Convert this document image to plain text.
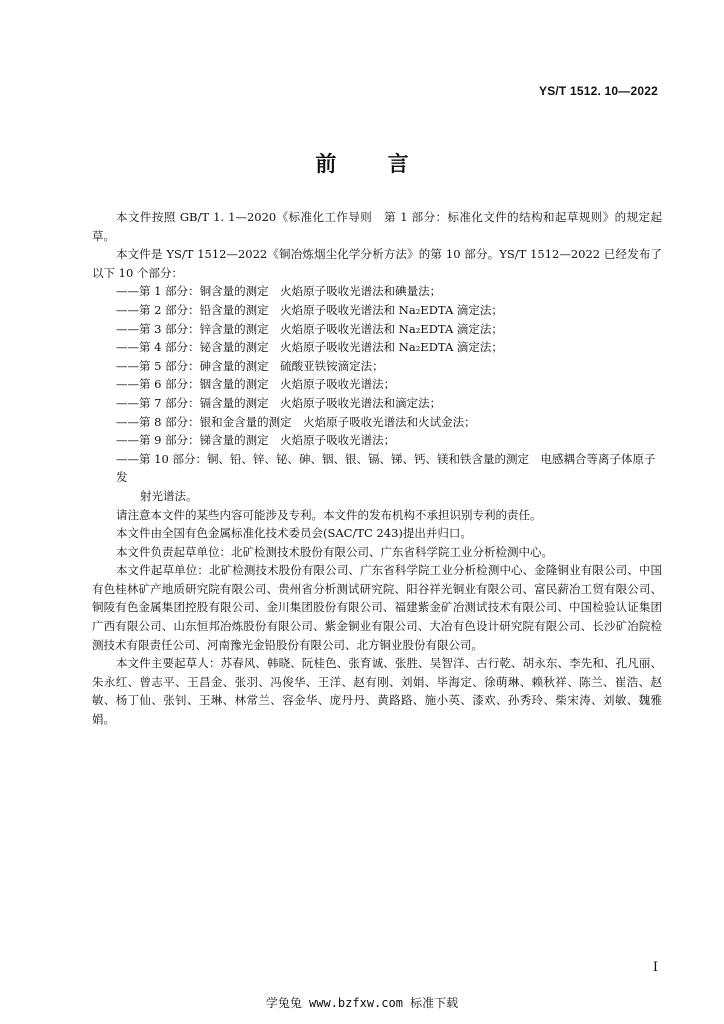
YS/T 1512. 10—2022
前 言

本文件按照 GB/T 1. 1—2020《标准化工作导则　第 1 部分：标准化文件的结构和起草规则》的规定起草。

本文件是 YS/T 1512—2022《铜冶炼烟尘化学分析方法》的第 10 部分。YS/T 1512—2022 已经发布了以下 10 个部分：

——第 1 部分：铜含量的测定　火焰原子吸收光谱法和碘量法；
——第 2 部分：铅含量的测定　火焰原子吸收光谱法和 Na₂EDTA 滴定法；
——第 3 部分：锌含量的测定　火焰原子吸收光谱法和 Na₂EDTA 滴定法；
——第 4 部分：铋含量的测定　火焰原子吸收光谱法和 Na₂EDTA 滴定法；
——第 5 部分：砷含量的测定　硫酸亚铁铵滴定法；
——第 6 部分：铟含量的测定　火焰原子吸收光谱法；
——第 7 部分：镉含量的测定　火焰原子吸收光谱法和滴定法；
——第 8 部分：银和金含量的测定　火焰原子吸收光谱法和火试金法；
——第 9 部分：锑含量的测定　火焰原子吸收光谱法；
——第 10 部分：铜、铅、锌、铋、砷、铟、银、镉、锑、钙、镁和铁含量的测定　电感耦合等离子体原子发
射光谱法。

请注意本文件的某些内容可能涉及专利。本文件的发布机构不承担识别专利的责任。

本文件由全国有色金属标准化技术委员会(SAC/TC 243)提出并归口。

本文件负责起草单位：北矿检测技术股份有限公司、广东省科学院工业分析检测中心。

本文件起草单位：北矿检测技术股份有限公司、广东省科学院工业分析检测中心、金隆铜业有限公司、中国有色桂林矿产地质研究院有限公司、贵州省分析测试研究院、阳谷祥光铜业有限公司、富民薪冶工贸有限公司、铜陵有色金属集团控股有限公司、金川集团股份有限公司、福建紫金矿冶测试技术有限公司、中国检验认证集团广西有限公司、山东恒邦冶炼股份有限公司、紫金铜业有限公司、大冶有色设计研究院有限公司、长沙矿冶院检测技术有限责任公司、河南豫光金铅股份有限公司、北方铜业股份有限公司。

本文件主要起草人：苏春风、韩晓、阮桂色、张育诚、张胜、吴智洋、古行乾、胡永东、李先和、孔凡丽、朱永红、曾志平、王昌金、张羽、冯俊华、王洋、赵有刚、刘娟、毕海定、徐萌琳、赖秋祥、陈兰、崔浩、赵敏、杨丁仙、张钊、王琳、林常兰、容金华、庞丹丹、黄路路、施小英、漆欢、孙秀玲、柴宋涛、刘敏、魏雅娟。

Ⅰ
学兔兔 www.bzfxw.com 标准下载
